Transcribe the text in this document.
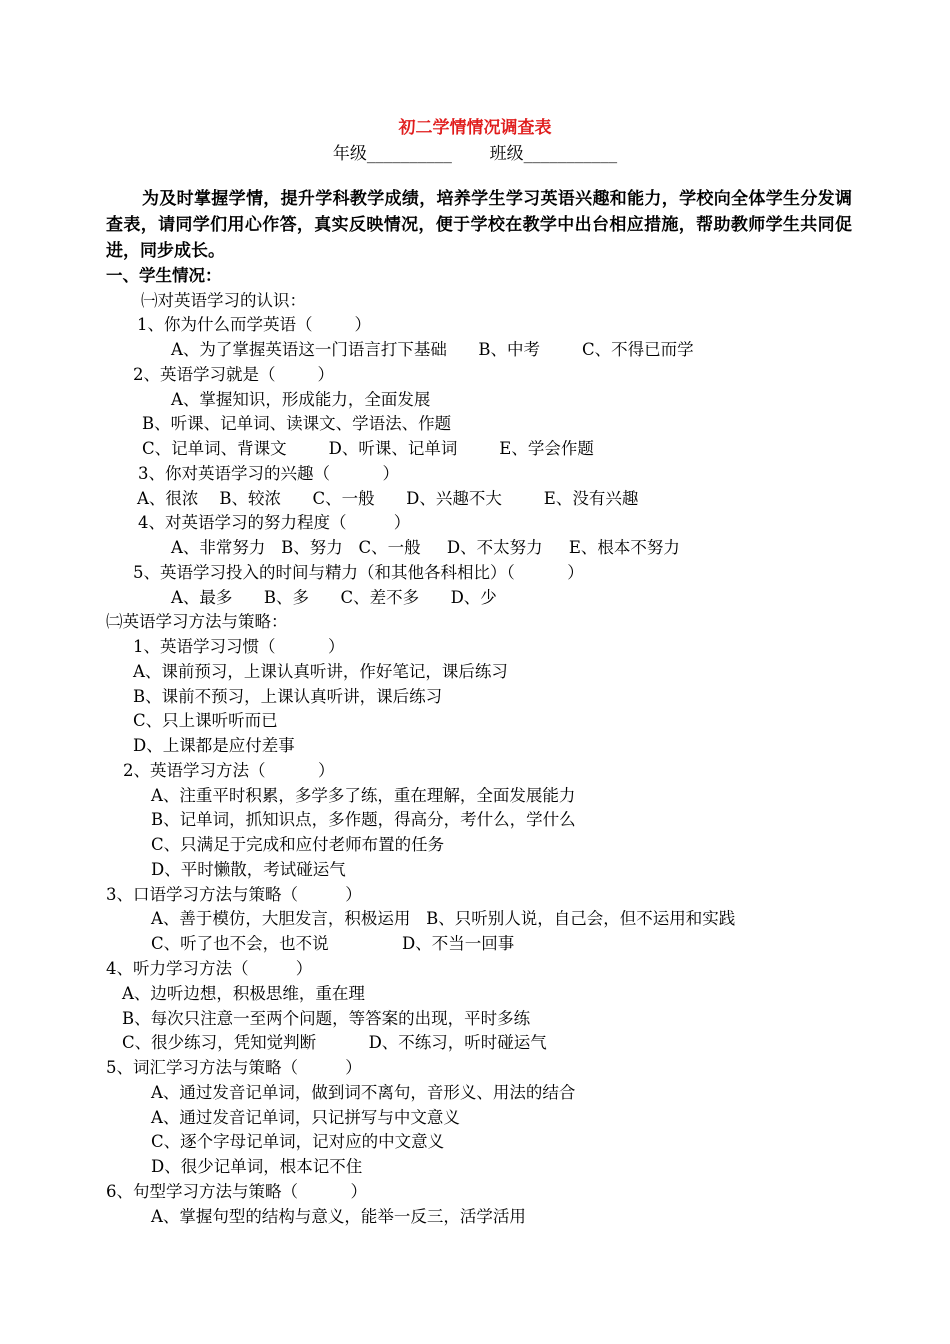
初二学情情况调查表
年级__________       班级___________
为及时掌握学情，提升学科教学成绩，培养学生学习英语兴趣和能力，学校向全体学生分发调查表，请同学们用心作答，真实反映情况，便于学校在教学中出台相应措施，帮助教师学生共同促进，同步成长。
一、学生情况：
㈠对英语学习的认识：
1、你为什么而学英语（        ）
A、为了掌握英语这一门语言打下基础      B、中考        C、不得已而学
2、英语学习就是（        ）
A、掌握知识，形成能力，全面发展
B、听课、记单词、读课文、学语法、作题
C、记单词、背课文        D、听课、记单词        E、学会作题
3、你对英语学习的兴趣（          ）
A、很浓    B、较浓      C、一般      D、兴趣不大        E、没有兴趣
4、对英语学习的努力程度（         ）
A、非常努力   B、努力   C、一般     D、不太努力     E、根本不努力
5、英语学习投入的时间与精力（和其他各科相比）（          ）
A、最多      B、多      C、差不多      D、少
㈡英语学习方法与策略：
1、英语学习习惯（          ）
A、课前预习，上课认真听讲，作好笔记，课后练习
B、课前不预习，上课认真听讲，课后练习
C、只上课听听而已
D、上课都是应付差事
2、英语学习方法（          ）
A、注重平时积累，多学多了练，重在理解，全面发展能力
B、记单词，抓知识点，多作题，得高分，考什么，学什么
C、只满足于完成和应付老师布置的任务
D、平时懒散，考试碰运气
3、口语学习方法与策略（         ）
A、善于模仿，大胆发言，积极运用   B、只听别人说，自己会，但不运用和实践
C、听了也不会，也不说              D、不当一回事
4、听力学习方法（         ）
A、边听边想，积极思维，重在理
B、每次只注意一至两个问题，等答案的出现，平时多练
C、很少练习，凭知觉判断          D、不练习，听时碰运气
5、词汇学习方法与策略（         ）
A、通过发音记单词，做到词不离句，音形义、用法的结合
A、通过发音记单词，只记拼写与中文意义
C、逐个字母记单词，记对应的中文意义
D、很少记单词，根本记不住
6、句型学习方法与策略（          ）
A、掌握句型的结构与意义，能举一反三，活学活用
